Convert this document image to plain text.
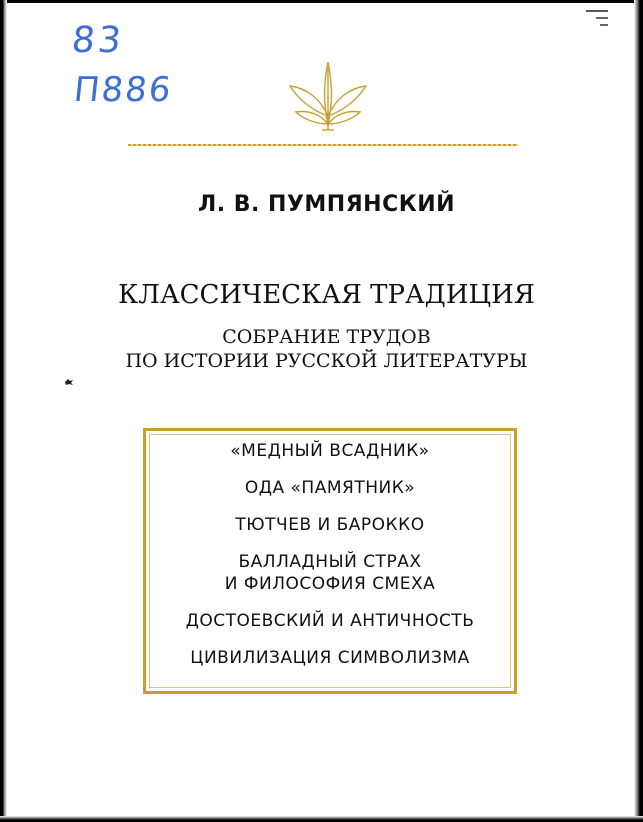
83
П886
Л. В. ПУМПЯНСКИЙ
КЛАССИЧЕСКАЯ ТРАДИЦИЯ
СОБРАНИЕ ТРУДОВ
ПО ИСТОРИИ РУССКОЙ ЛИТЕРАТУРЫ
«МЕДНЫЙ ВСАДНИК»
ОДА «ПАМЯТНИК»
ТЮТЧЕВ И БАРОККО
БАЛЛАДНЫЙ СТРАХ
И ФИЛОСОФИЯ СМЕХА
ДОСТОЕВСКИЙ И АНТИЧНОСТЬ
ЦИВИЛИЗАЦИЯ СИМВОЛИЗМА
